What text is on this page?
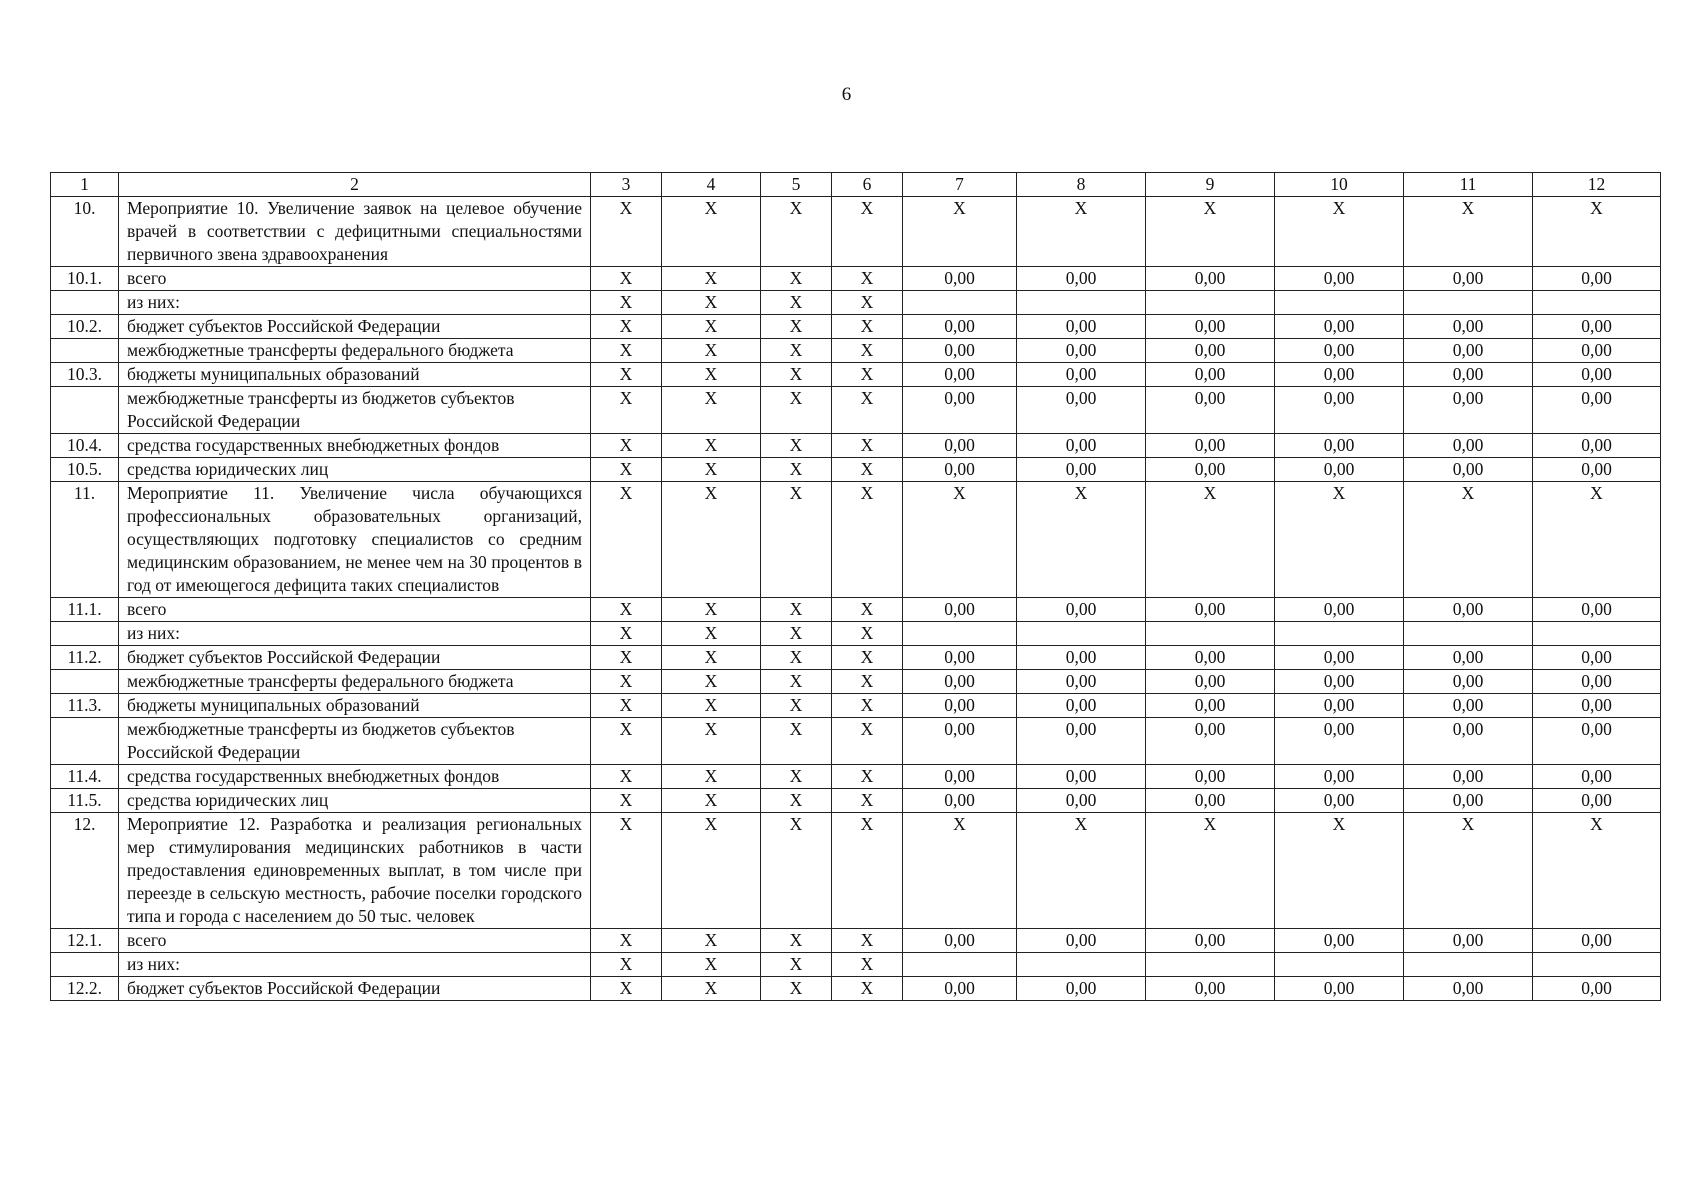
6
1	2	3	4	5	6	7	8	9	10	11	12
10.	Мероприятие 10. Увеличение заявок на целевое обучение врачей в соответствии с дефицитными специальностями первичного звена здравоохранения	X	X	X	X	X	X	X	X	X	X
10.1.	всего	X	X	X	X	0,00	0,00	0,00	0,00	0,00	0,00
	из них:	X	X	X	X						
10.2.	бюджет субъектов Российской Федерации	X	X	X	X	0,00	0,00	0,00	0,00	0,00	0,00
	межбюджетные трансферты федерального бюджета	X	X	X	X	0,00	0,00	0,00	0,00	0,00	0,00
10.3.	бюджеты муниципальных образований	X	X	X	X	0,00	0,00	0,00	0,00	0,00	0,00
	межбюджетные трансферты из бюджетов субъектов Российской Федерации	X	X	X	X	0,00	0,00	0,00	0,00	0,00	0,00
10.4.	средства государственных внебюджетных фондов	X	X	X	X	0,00	0,00	0,00	0,00	0,00	0,00
10.5.	средства юридических лиц	X	X	X	X	0,00	0,00	0,00	0,00	0,00	0,00
11.	Мероприятие 11. Увеличение числа обучающихся профессиональных образовательных организаций, осуществляющих подготовку специалистов со средним медицинским образованием, не менее чем на 30 процентов в год от имеющегося дефицита таких специалистов	X	X	X	X	X	X	X	X	X	X
11.1.	всего	X	X	X	X	0,00	0,00	0,00	0,00	0,00	0,00
	из них:	X	X	X	X						
11.2.	бюджет субъектов Российской Федерации	X	X	X	X	0,00	0,00	0,00	0,00	0,00	0,00
	межбюджетные трансферты федерального бюджета	X	X	X	X	0,00	0,00	0,00	0,00	0,00	0,00
11.3.	бюджеты муниципальных образований	X	X	X	X	0,00	0,00	0,00	0,00	0,00	0,00
	межбюджетные трансферты из бюджетов субъектов Российской Федерации	X	X	X	X	0,00	0,00	0,00	0,00	0,00	0,00
11.4.	средства государственных внебюджетных фондов	X	X	X	X	0,00	0,00	0,00	0,00	0,00	0,00
11.5.	средства юридических лиц	X	X	X	X	0,00	0,00	0,00	0,00	0,00	0,00
12.	Мероприятие 12. Разработка и реализация региональных мер стимулирования медицинских работников в части предоставления единовременных выплат, в том числе при переезде в сельскую местность, рабочие поселки городского типа и города с населением до 50 тыс. человек	X	X	X	X	X	X	X	X	X	X
12.1.	всего	X	X	X	X	0,00	0,00	0,00	0,00	0,00	0,00
	из них:	X	X	X	X						
12.2.	бюджет субъектов Российской Федерации	X	X	X	X	0,00	0,00	0,00	0,00	0,00	0,00
